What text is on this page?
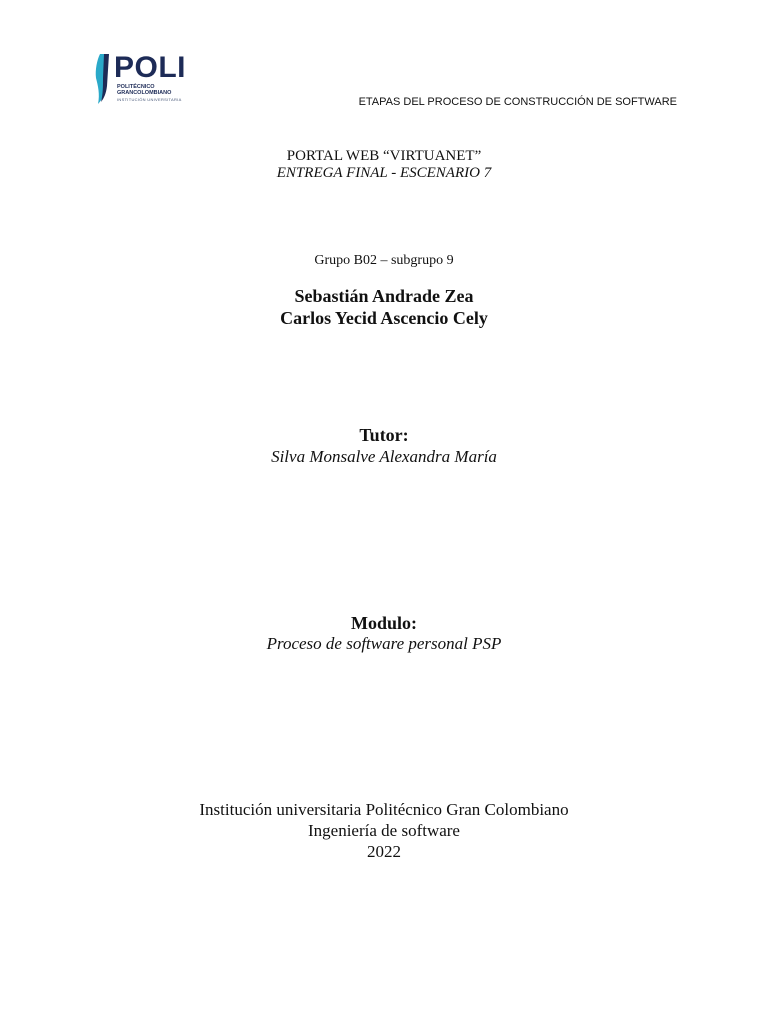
POLI
POLITÉCNICO
GRANCOLOMBIANO
INSTITUCIÓN UNIVERSITARIA	ETAPAS DEL PROCESO DE CONSTRUCCIÓN DE SOFTWARE
PORTAL WEB “VIRTUANET”
ENTREGA FINAL - ESCENARIO 7
Grupo B02 – subgrupo 9
Sebastián Andrade Zea
Carlos Yecid Ascencio Cely
Tutor:
Silva Monsalve Alexandra María
Modulo:
Proceso de software personal PSP
Institución universitaria Politécnico Gran Colombiano
Ingeniería de software
2022
